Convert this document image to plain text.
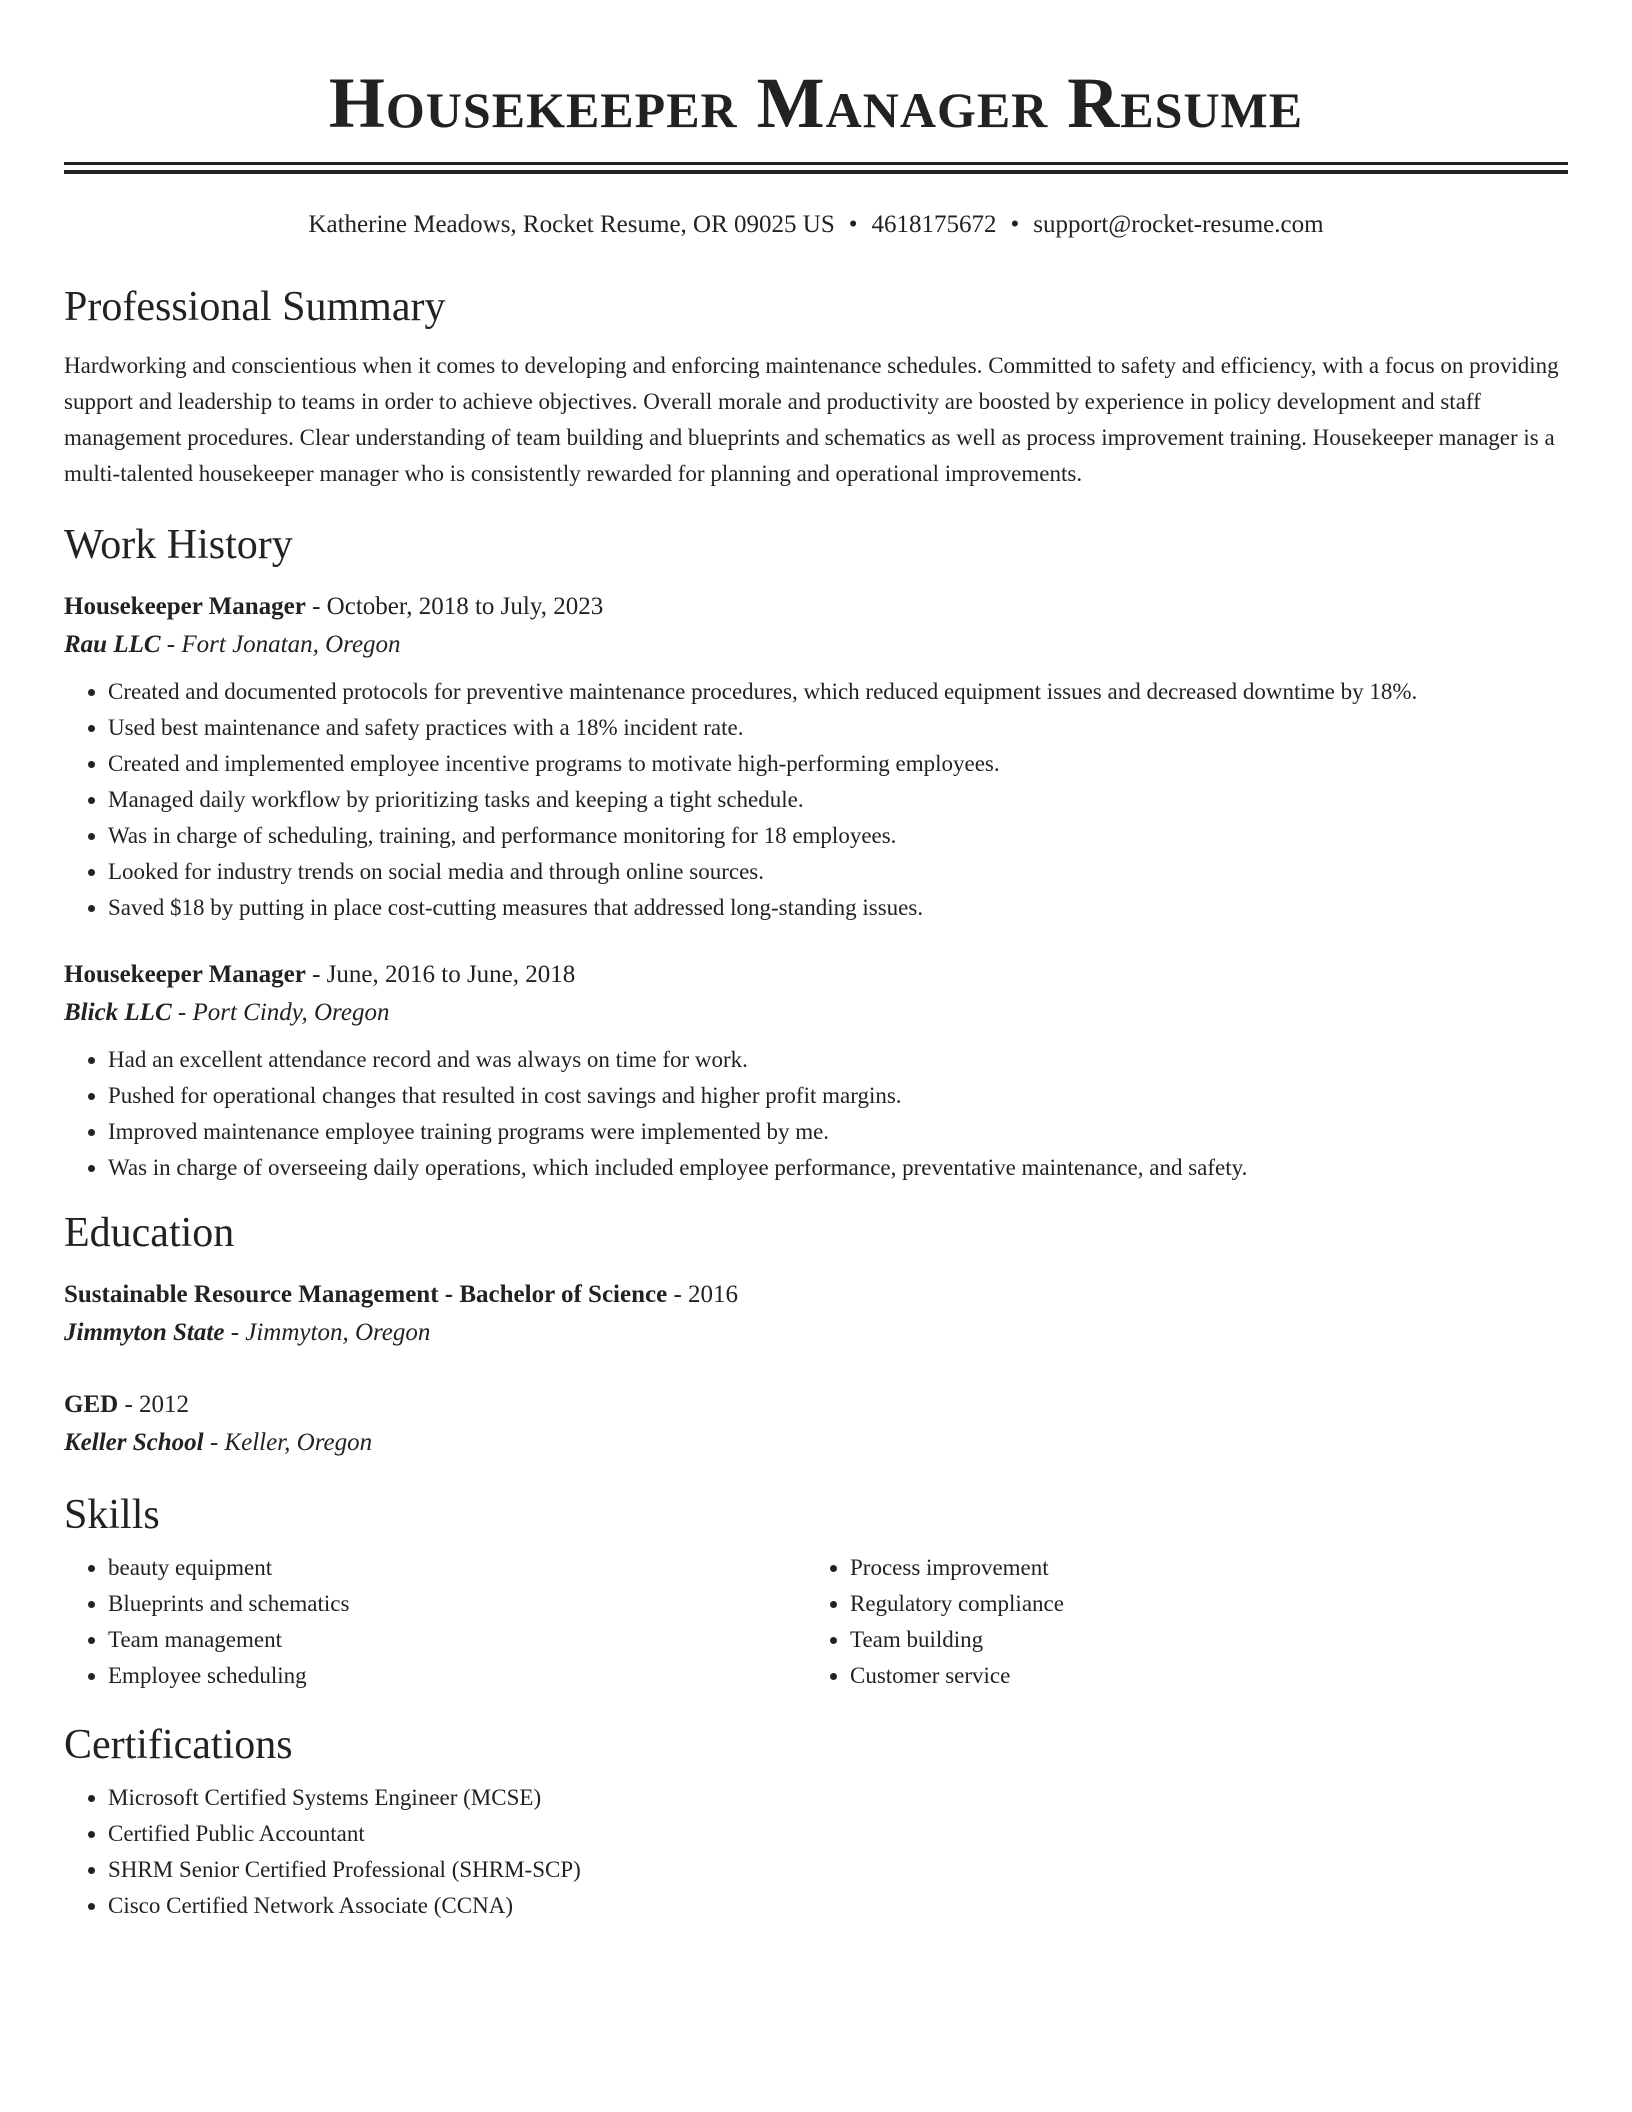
Housekeeper Manager Resume
Katherine Meadows, Rocket Resume, OR 09025 US • 4618175672 • support@rocket-resume.com
Professional Summary

Hardworking and conscientious when it comes to developing and enforcing maintenance schedules. Committed to safety and efficiency, with a focus on providing support and leadership to teams in order to achieve objectives. Overall morale and productivity are boosted by experience in policy development and staff management procedures. Clear understanding of team building and blueprints and schematics as well as process improvement training. Housekeeper manager is a multi-talented housekeeper manager who is consistently rewarded for planning and operational improvements.

Work History
Housekeeper Manager - October, 2018 to July, 2023
Rau LLC - Fort Jonatan, Oregon
• Created and documented protocols for preventive maintenance procedures, which reduced equipment issues and decreased downtime by 18%.
• Used best maintenance and safety practices with a 18% incident rate.
• Created and implemented employee incentive programs to motivate high-performing employees.
• Managed daily workflow by prioritizing tasks and keeping a tight schedule.
• Was in charge of scheduling, training, and performance monitoring for 18 employees.
• Looked for industry trends on social media and through online sources.
• Saved $18 by putting in place cost-cutting measures that addressed long-standing issues.
Housekeeper Manager - June, 2016 to June, 2018
Blick LLC - Port Cindy, Oregon
• Had an excellent attendance record and was always on time for work.
• Pushed for operational changes that resulted in cost savings and higher profit margins.
• Improved maintenance employee training programs were implemented by me.
• Was in charge of overseeing daily operations, which included employee performance, preventative maintenance, and safety.
Education
Sustainable Resource Management - Bachelor of Science - 2016
Jimmyton State - Jimmyton, Oregon
GED - 2012
Keller School - Keller, Oregon
Skills
• beauty equipment
• Blueprints and schematics
• Team management
• Employee scheduling
• Process improvement
• Regulatory compliance
• Team building
• Customer service
Certifications
• Microsoft Certified Systems Engineer (MCSE)
• Certified Public Accountant
• SHRM Senior Certified Professional (SHRM-SCP)
• Cisco Certified Network Associate (CCNA)
